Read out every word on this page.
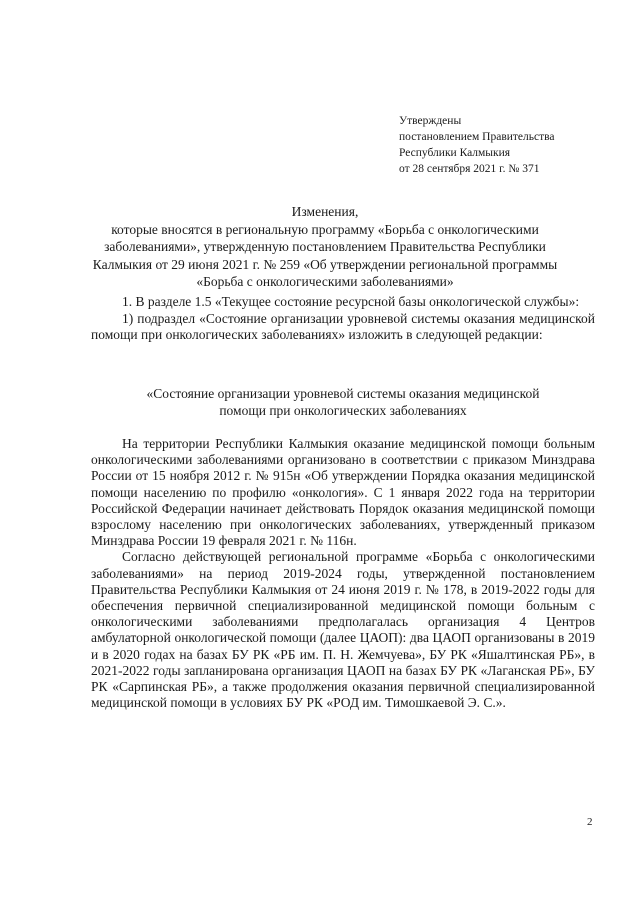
Утверждены
постановлением Правительства
Республики Калмыкия
от 28 сентября 2021 г. № 371
Изменения,
которые вносятся в региональную программу «Борьба с онкологическими
заболеваниями», утвержденную постановлением Правительства Республики
Калмыкия от 29 июня 2021 г. № 259 «Об утверждении региональной программы
«Борьба с онкологическими заболеваниями»

1. В разделе 1.5 «Текущее состояние ресурсной базы онкологической службы»:

1) подраздел «Состояние организации уровневой системы оказания медицинской помощи при онкологических заболеваниях» изложить в следующей редакции:

«Состояние организации уровневой системы оказания медицинской
помощи при онкологических заболеваниях

На территории Республики Калмыкия оказание медицинской помощи больным онкологическими заболеваниями организовано в соответствии с приказом Минздрава России от 15 ноября 2012 г. № 915н «Об утверждении Порядка оказания медицинской помощи населению по профилю «онкология». С 1 января 2022 года на территории Российской Федерации начинает действовать Порядок оказания медицинской помощи взрослому населению при онкологических заболеваниях, утвержденный приказом Минздрава России 19 февраля 2021 г. № 116н.

Согласно действующей региональной программе «Борьба с онкологическими заболеваниями» на период 2019-2024 годы, утвержденной постановлением Правительства Республики Калмыкия от 24 июня 2019 г. № 178, в 2019-2022 годы для обеспечения первичной специализированной медицинской помощи больным с онкологическими заболеваниями предполагалась организация 4 Центров амбулаторной онкологической помощи (далее ЦАОП): два ЦАОП организованы в 2019 и в 2020 годах на базах БУ РК «РБ им. П. Н. Жемчуева», БУ РК «Яшалтинская РБ», в 2021-2022 годы запланирована организация ЦАОП на базах БУ РК «Лаганская РБ», БУ РК «Сарпинская РБ», а также продолжения оказания первичной специализированной медицинской помощи в условиях БУ РК «РОД им. Тимошкаевой Э. С.».

2
